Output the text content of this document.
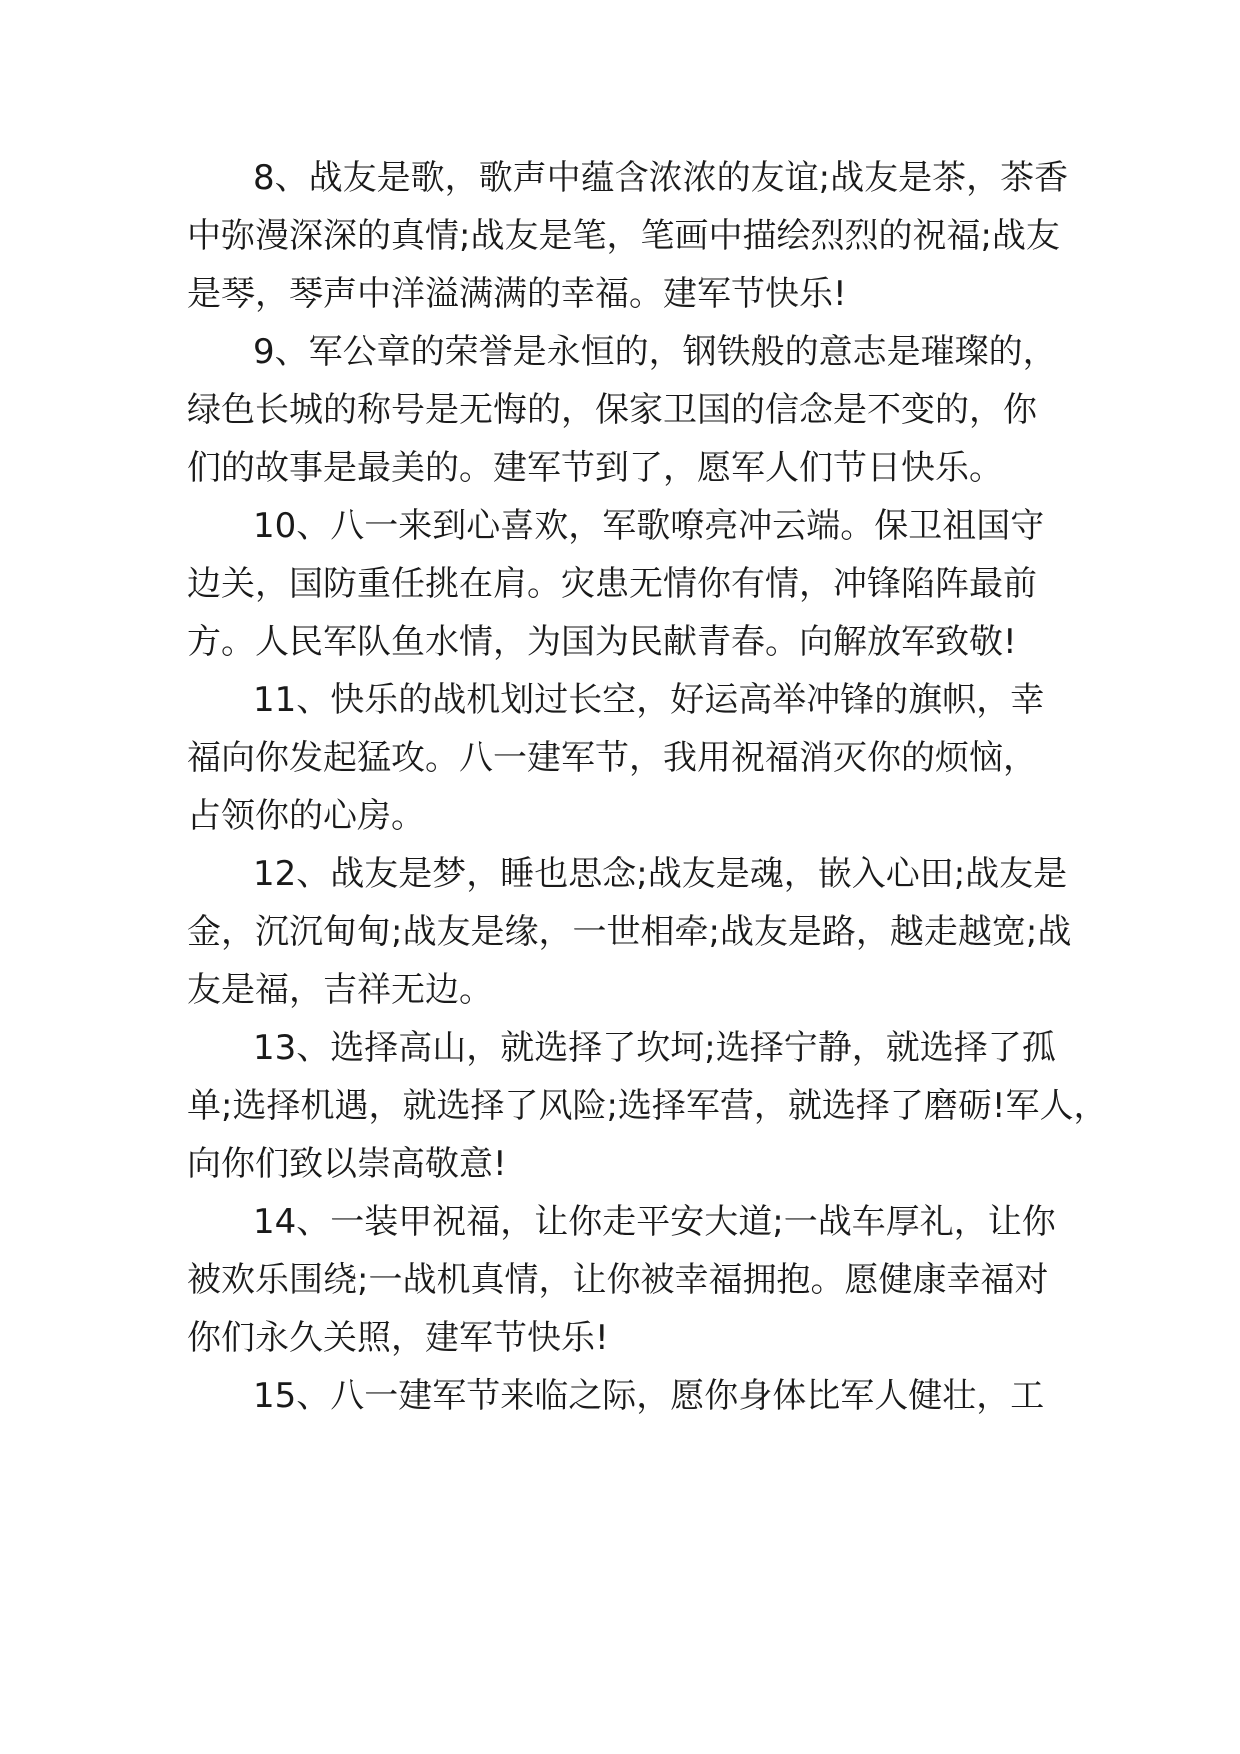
8、战友是歌，歌声中蕴含浓浓的友谊;战友是茶，茶香
中弥漫深深的真情;战友是笔，笔画中描绘烈烈的祝福;战友
是琴，琴声中洋溢满满的幸福。建军节快乐!
9、军公章的荣誉是永恒的，钢铁般的意志是璀璨的，
绿色长城的称号是无悔的，保家卫国的信念是不变的，你
们的故事是最美的。建军节到了，愿军人们节日快乐。
10、八一来到心喜欢，军歌嘹亮冲云端。保卫祖国守
边关，国防重任挑在肩。灾患无情你有情，冲锋陷阵最前
方。人民军队鱼水情，为国为民献青春。向解放军致敬!
11、快乐的战机划过长空，好运高举冲锋的旗帜，幸
福向你发起猛攻。八一建军节，我用祝福消灭你的烦恼，
占领你的心房。
12、战友是梦，睡也思念;战友是魂，嵌入心田;战友是
金，沉沉甸甸;战友是缘，一世相牵;战友是路，越走越宽;战
友是福，吉祥无边。
13、选择高山，就选择了坎坷;选择宁静，就选择了孤
单;选择机遇，就选择了风险;选择军营，就选择了磨砺!军人，
向你们致以崇高敬意!
14、一装甲祝福，让你走平安大道;一战车厚礼，让你
被欢乐围绕;一战机真情，让你被幸福拥抱。愿健康幸福对
你们永久关照，建军节快乐!
15、八一建军节来临之际，愿你身体比军人健壮，工
